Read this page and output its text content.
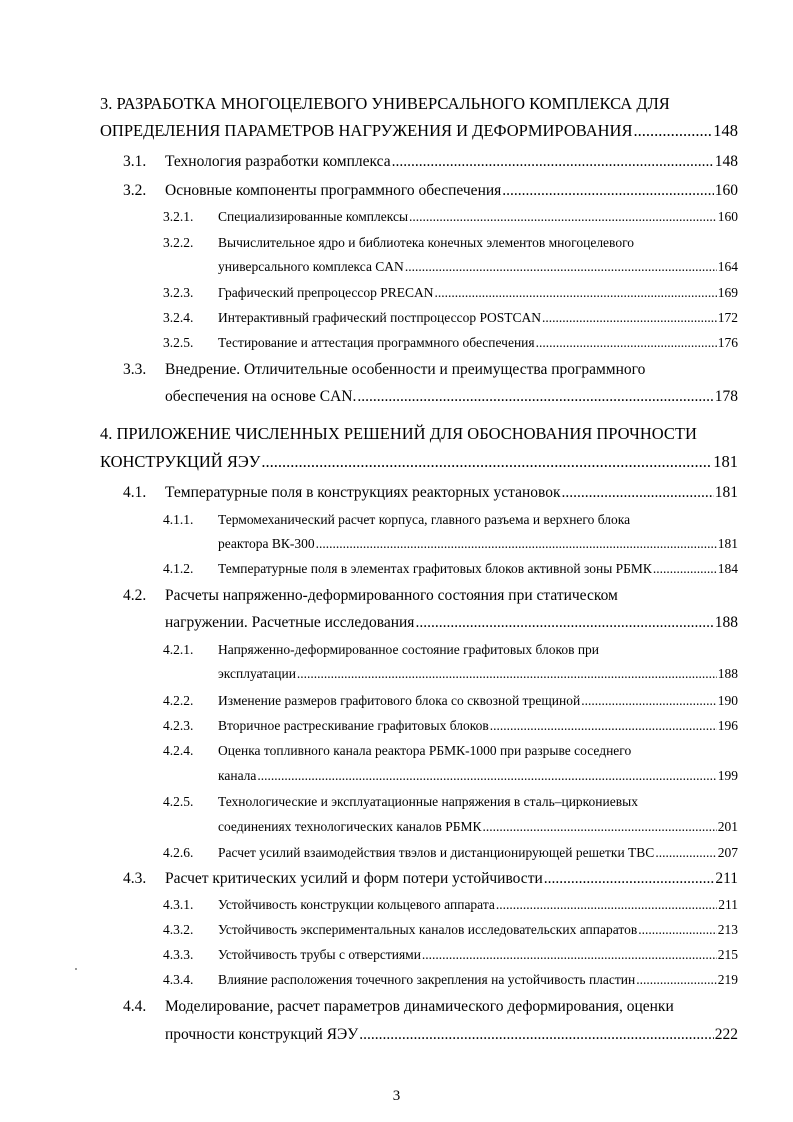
3. РАЗРАБОТКА МНОГОЦЕЛЕВОГО УНИВЕРСАЛЬНОГО КОМПЛЕКСА ДЛЯ
ОПРЕДЕЛЕНИЯ ПАРАМЕТРОВ НАГРУЖЕНИЯ И ДЕФОРМИРОВАНИЯ .....	148
3.1. Технология разработки комплекса .....	148
3.2. Основные компоненты программного обеспечения .....	160
3.2.1. Специализированные комплексы .....	160
3.2.2. Вычислительное ядро и библиотека конечных элементов многоцелевого
универсального комплекса CAN .....	164
3.2.3. Графический препроцессор PRECAN .....	169
3.2.4. Интерактивный графический постпроцессор POSTCAN .....	172
3.2.5. Тестирование и аттестация программного обеспечения .....	176
3.3. Внедрение. Отличительные особенности и преимущества программного
обеспечения на основе CAN. .....	178
4. ПРИЛОЖЕНИЕ ЧИСЛЕННЫХ РЕШЕНИЙ ДЛЯ ОБОСНОВАНИЯ ПРОЧНОСТИ
КОНСТРУКЦИЙ ЯЭУ .....	181
4.1. Температурные поля в конструкциях реакторных установок .....	181
4.1.1. Термомеханический расчет корпуса, главного разъема и верхнего блока
реактора ВК-300 .....	181
4.1.2. Температурные поля в элементах графитовых блоков активной зоны РБМК .....	184
4.2. Расчеты напряженно-деформированного состояния при статическом
нагружении. Расчетные исследования .....	188
4.2.1. Напряженно-деформированное состояние графитовых блоков при
эксплуатации .....	188
4.2.2. Изменение размеров графитового блока со сквозной трещиной .....	190
4.2.3. Вторичное растрескивание графитовых блоков .....	196
4.2.4. Оценка топливного канала реактора РБМК-1000 при разрыве соседнего
канала .....	199
4.2.5. Технологические и эксплуатационные напряжения в сталь–циркониевых
соединениях технологических каналов РБМК .....	201
4.2.6. Расчет усилий взаимодействия твэлов и дистанционирующей решетки ТВС .....	207
4.3. Расчет критических усилий и форм потери устойчивости .....	211
4.3.1. Устойчивость конструкции кольцевого аппарата .....	211
4.3.2. Устойчивость экспериментальных каналов исследовательских аппаратов .....	213
4.3.3. Устойчивость трубы с отверстиями .....	215
4.3.4. Влияние расположения точечного закрепления на устойчивость пластин .....	219
4.4. Моделирование, расчет параметров динамического деформирования, оценки
прочности конструкций ЯЭУ .....	222
3
